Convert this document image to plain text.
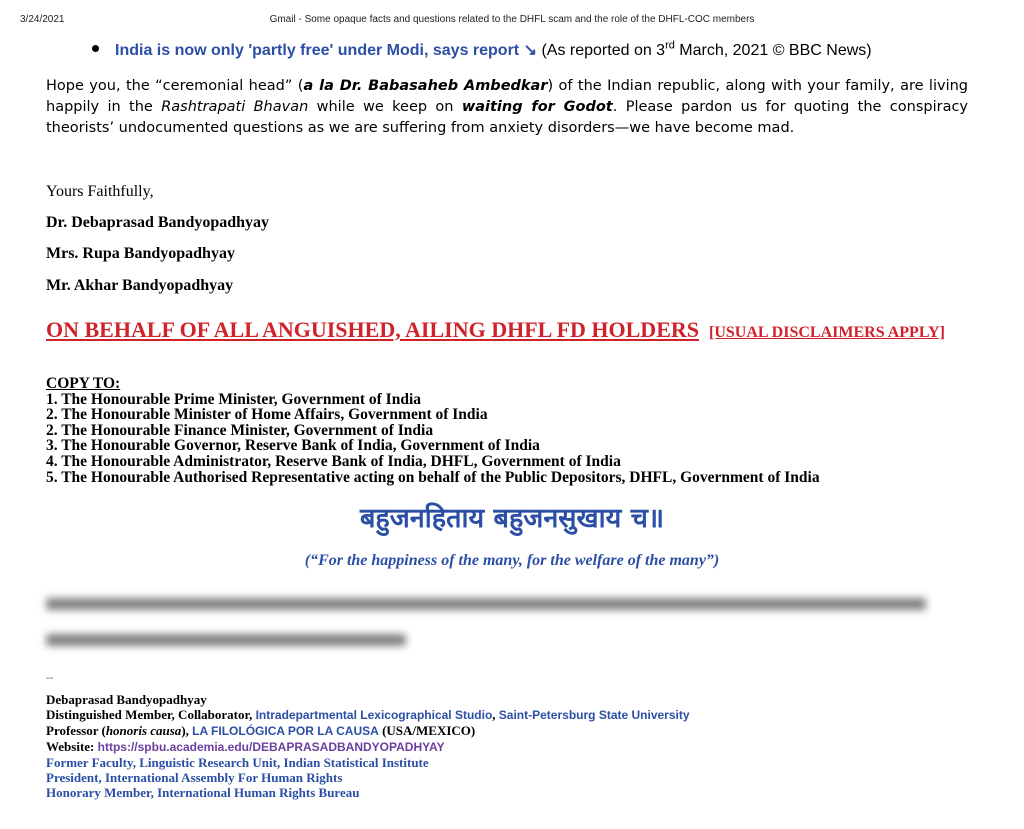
3/24/2021	Gmail - Some opaque facts and questions related to the DHFL scam and the role of the DHFL-COC members
India is now only 'partly free' under Modi, says report ↘ (As reported on 3rd March, 2021 © BBC News)
Hope you, the “ceremonial head” (a la Dr. Babasaheb Ambedkar) of the Indian republic, along with your family, are living happily in the Rashtrapati Bhavan while we keep on waiting for Godot. Please pardon us for quoting the conspiracy theorists’ undocumented questions as we are suffering from anxiety disorders—we have become mad.
Yours Faithfully,
Dr. Debaprasad Bandyopadhyay
Mrs. Rupa Bandyopadhyay
Mr. Akhar Bandyopadhyay
ON BEHALF OF ALL ANGUISHED, AILING DHFL FD HOLDERS [USUAL DISCLAIMERS APPLY]
COPY TO:
1. The Honourable Prime Minister, Government of India
2. The Honourable Minister of Home Affairs, Government of India
2. The Honourable Finance Minister, Government of India
3. The Honourable Governor, Reserve Bank of India, Government of India
4. The Honourable Administrator, Reserve Bank of India, DHFL, Government of India
5. The Honourable Authorised Representative acting on behalf of the Public Depositors, DHFL, Government of India
बहुजनहिताय बहुजनसुखाय च॥
(“For the happiness of the many, for the welfare of the many”)
--
Debaprasad Bandyopadhyay
Distinguished Member, Collaborator, Intradepartmental Lexicographical Studio, Saint-Petersburg State University
Professor (honoris causa), LA FILOLÓGICA POR LA CAUSA (USA/MEXICO)
Website: https://spbu.academia.edu/DEBAPRASADBANDYOPADHYAY
Former Faculty, Linguistic Research Unit, Indian Statistical Institute
President, International Assembly For Human Rights
Honorary Member, International Human Rights Bureau
